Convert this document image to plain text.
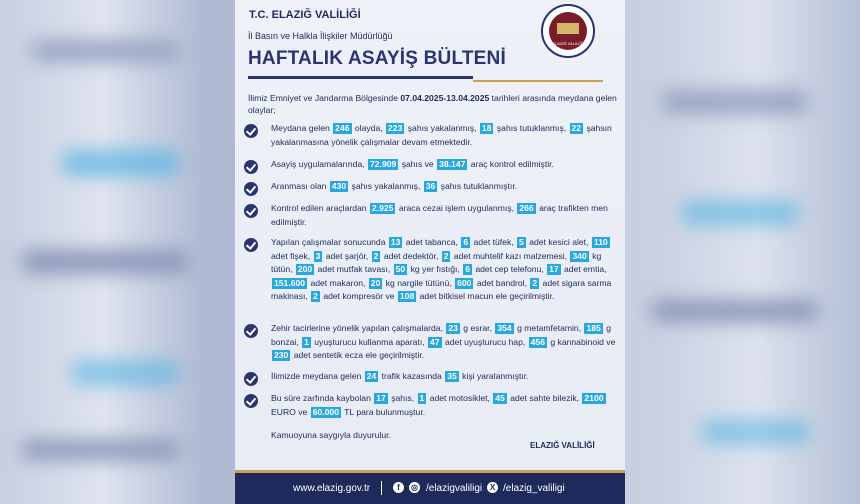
T.C. ELAZIĞ VALİLİĞİ
İl Basın ve Halkla İlişkiler Müdürlüğü
HAFTALIK ASAYİŞ BÜLTENİ
ELAZIĞ VALİLİĞİ
İlimiz Emniyet ve Jandarma Bölgesinde 07.04.2025-13.04.2025 tarihleri arasında meydana gelen olaylar;
Meydana gelen 246 olayda, 223 şahıs yakalanmış, 18 şahıs tutuklanmış, 22 şahsın yakalanmasına yönelik çalışmalar devam etmektedir.
Asayiş uygulamalarında, 72.909 şahıs ve 38.147 araç kontrol edilmiştir.
Aranması olan 430 şahıs yakalanmış, 36 şahıs tutuklanmıştır.
Kontrol edilen araçlardan 2.925 araca cezai işlem uygulanmış, 266 araç trafikten men edilmiştir.
Yapılan çalışmalar sonucunda 13 adet tabanca, 6 adet tüfek, 5 adet kesici alet, 110 adet fişek, 3 adet şarjör, 2 adet dedektör, 2 adet muhtelif kazı malzemesi, 340 kg tütün, 200 adet mutfak tavası, 50 kg yer fıstığı, 6 adet cep telefonu, 17 adet emtia, 151.600 adet makaron, 20 kg nargile tütünü, 600 adet bandrol, 2 adet sigara sarma makinası, 2 adet kompresör ve 108 adet bitkisel macun ele geçirilmiştir.
Zehir tacirlerine yönelik yapılan çalışmalarda, 23 g esrar, 354 g metamfetamin, 185 g bonzai, 1 uyuşturucu kullanma aparatı, 47 adet uyuşturucu hap, 456 g kannabinoid ve 230 adet sentetik ecza ele geçirilmiştir.
İlimizde meydana gelen 24 trafik kazasında 35 kişi yaralanmıştır.
Bu süre zarfında kaybolan 17 şahıs, 1 adet motosiklet, 45 adet sahte bilezik, 2100 EURO ve 60.000 TL para bulunmuştur.
Kamuoyuna saygıyla duyurulur.
ELAZIĞ VALİLİĞİ
www.elazig.gov.tr	f	◎ /elazigvaliligi X /elazig_valiligi
